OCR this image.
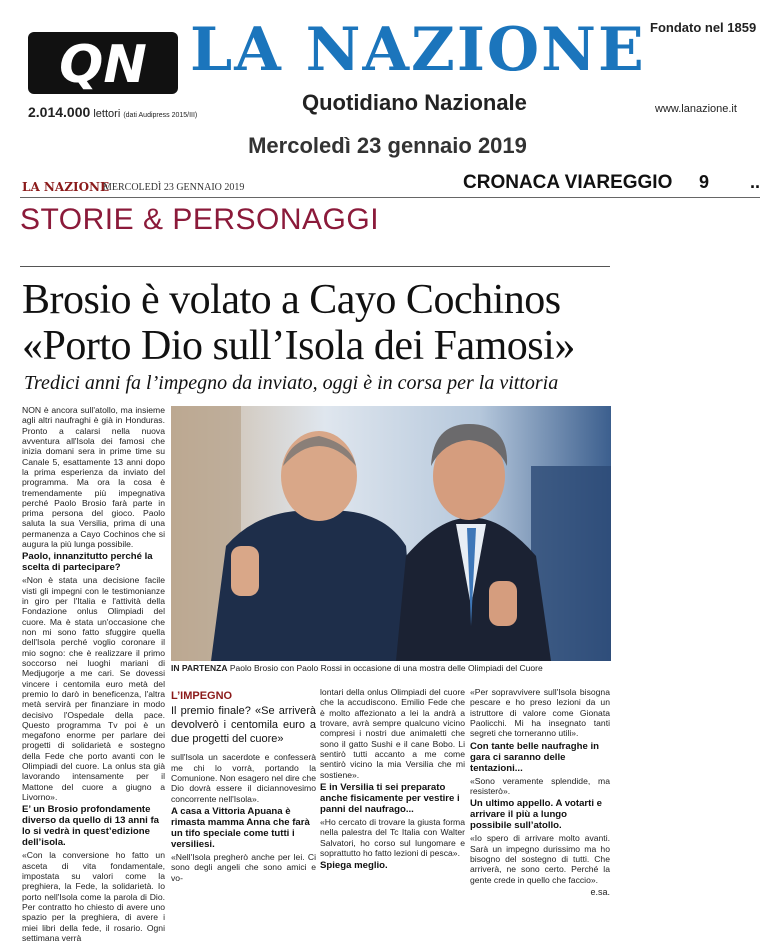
QN LA NAZIONE
Quotidiano Nazionale
Fondato nel 1859
2.014.000 lettori (dati Audipress 2015/III)
www.lanazione.it
Mercoledì 23 gennaio 2019
LA NAZIONE
MERCOLEDÌ 23 GENNAIO 2019	CRONACA VIAREGGIO 9 ..
STORIE & PERSONAGGI
Brosio è volato a Cayo Cochinos
«Porto Dio sull’Isola dei Famosi»
Tredici anni fa l’impegno da inviato, oggi è in corsa per la vittoria

NON è ancora sull'atollo, ma insieme agli altri naufraghi è già in Honduras. Pronto a calarsi nella nuova avventura all'Isola dei famosi che inizia domani sera in prime time su Canale 5, esattamente 13 anni dopo la prima esperienza da inviato del programma. Ma ora la cosa è tremendamente più impegnativa perché Paolo Brosio farà parte in prima persona del gioco. Paolo saluta la sua Versilia, prima di una permanenza a Cayo Cochinos che si augura la più lunga possibile.

Paolo, innanzitutto perché la scelta di partecipare?

«Non è stata una decisione facile visti gli impegni con le testimonianze in giro per l'Italia e l'attività della Fondazione onlus Olimpiadi del cuore. Ma è stata un'occasione che non mi sono fatto sfuggire quella dell'Isola perché voglio coronare il mio sogno: che è realizzare il primo soccorso nei luoghi mariani di Medjugorje a me cari. Se dovessi vincere i centomila euro metà del premio lo darò in beneficenza, l'altra metà servirà per finanziare in modo decisivo l'Ospedale della pace. Questo programma Tv poi è un megafono enorme per parlare dei progetti di solidarietà e sostegno della Fede che porto avanti con le Olimpiadi del cuore. La onlus sta già lavorando intensamente per il Mattone del cuore a giugno a Livorno».

E’ un Brosio profondamente diverso da quello di 13 anni fa lo si vedrà in quest’edizione dell’isola.

«Con la conversione ho fatto un asceta di vita fondamentale, impostata su valori come la preghiera, la Fede, la solidarietà. Io porto nell'Isola come la parola di Dio. Per contratto ho chiesto di avere uno spazio per la preghiera, di avere i miei libri della fede, il rosario. Ogni settimana verrà

IN PARTENZA Paolo Brosio con Paolo Rossi in occasione di una mostra delle Olimpiadi del Cuore
L’IMPEGNO
Il premio finale? «Se arriverà devolverò i centomila euro a due progetti del cuore»

sull'Isola un sacerdote e confesserà me chi lo vorrà, portando la Comunione. Non esagero nel dire che Dio dovrà essere il diciannovesimo concorrente nell'Isola».

A casa a Vittoria Apuana è rimasta mamma Anna che farà un tifo speciale come tutti i versiliesi.

«Nell'Isola pregherò anche per lei. Ci sono degli angeli che sono amici e vo-

lontari della onlus Olimpiadi del cuore che la accudiscono. Emilio Fede che è molto affezionato a lei la andrà a trovare, avrà sempre qualcuno vicino compresi i nostri due animaletti che sono il gatto Sushi e il cane Bobo. Li sentirò tutti accanto a me come sentirò vicino la mia Versilia che mi sostiene».

E in Versilia ti sei preparato anche fisicamente per vestire i panni del naufrago...

«Ho cercato di trovare la giusta forma nella palestra del Tc Italia con Walter Salvatori, ho corso sul lungomare e soprattutto ho fatto lezioni di pesca».

Spiega meglio.

«Per sopravvivere sull'Isola bisogna pescare e ho preso lezioni da un istruttore di valore come Gionata Paolicchi. Mi ha insegnato tanti segreti che torneranno utili».

Con tante belle naufraghe in gara ci saranno delle tentazioni...

«Sono veramente splendide, ma resisterò».

Un ultimo appello. A votarti e arrivare il più a lungo possibile sull’atollo.

«Io spero di arrivare molto avanti. Sarà un impegno durissimo ma ho bisogno del sostegno di tutti. Che arriverà, ne sono certo. Perché la gente crede in quello che faccio».

e.sa.
